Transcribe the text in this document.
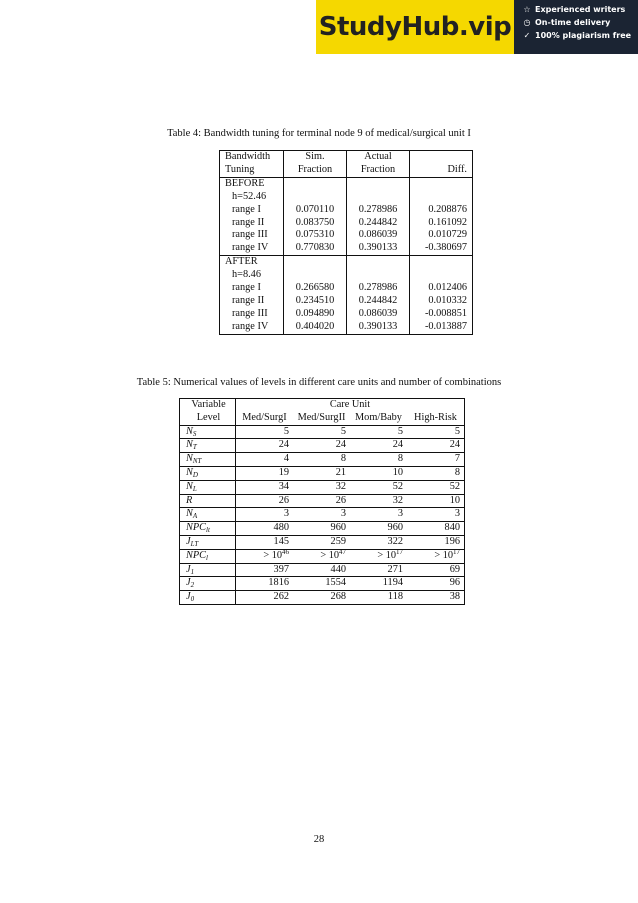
StudyHub.vip
☆ Experienced writers
◷ On-time delivery
✓ 100% plagiarism free
Table 4: Bandwidth tuning for terminal node 9 of medical/surgical unit I
Bandwidth	Sim.	Actual	
Tuning	Fraction	Fraction	Diff.
BEFORE			
h=52.46			
range I	0.070110	0.278986	0.208876
range II	0.083750	0.244842	0.161092
range III	0.075310	0.086039	0.010729
range IV	0.770830	0.390133	-0.380697
AFTER			
h=8.46			
range I	0.266580	0.278986	0.012406
range II	0.234510	0.244842	0.010332
range III	0.094890	0.086039	-0.008851
range IV	0.404020	0.390133	-0.013887
Table 5: Numerical values of levels in different care units and number of combinations
Variable	Care Unit			
Level	Med/SurgI	Med/SurgII	Mom/Baby	High-Risk
$N_S$	5	5	5	5
$N_T$	24	24	24	24
$N_{NT}$	4	8	8	7
$N_D$	19	21	10	8
$N_L$	34	32	52	52
R	26	26	32	10
$N_A$	3	3	3	3
$NPC_{lt}$	480	960	960	840
$J_{LT}$	145	259	322	196
$NPC_l$	> $10^{46}$	> $10^{47}$	> $10^{17}$	> $10^{17}$
$J_1$	397	440	271	69
$J_2$	1816	1554	1194	96
$J_0$	262	268	118	38
28
